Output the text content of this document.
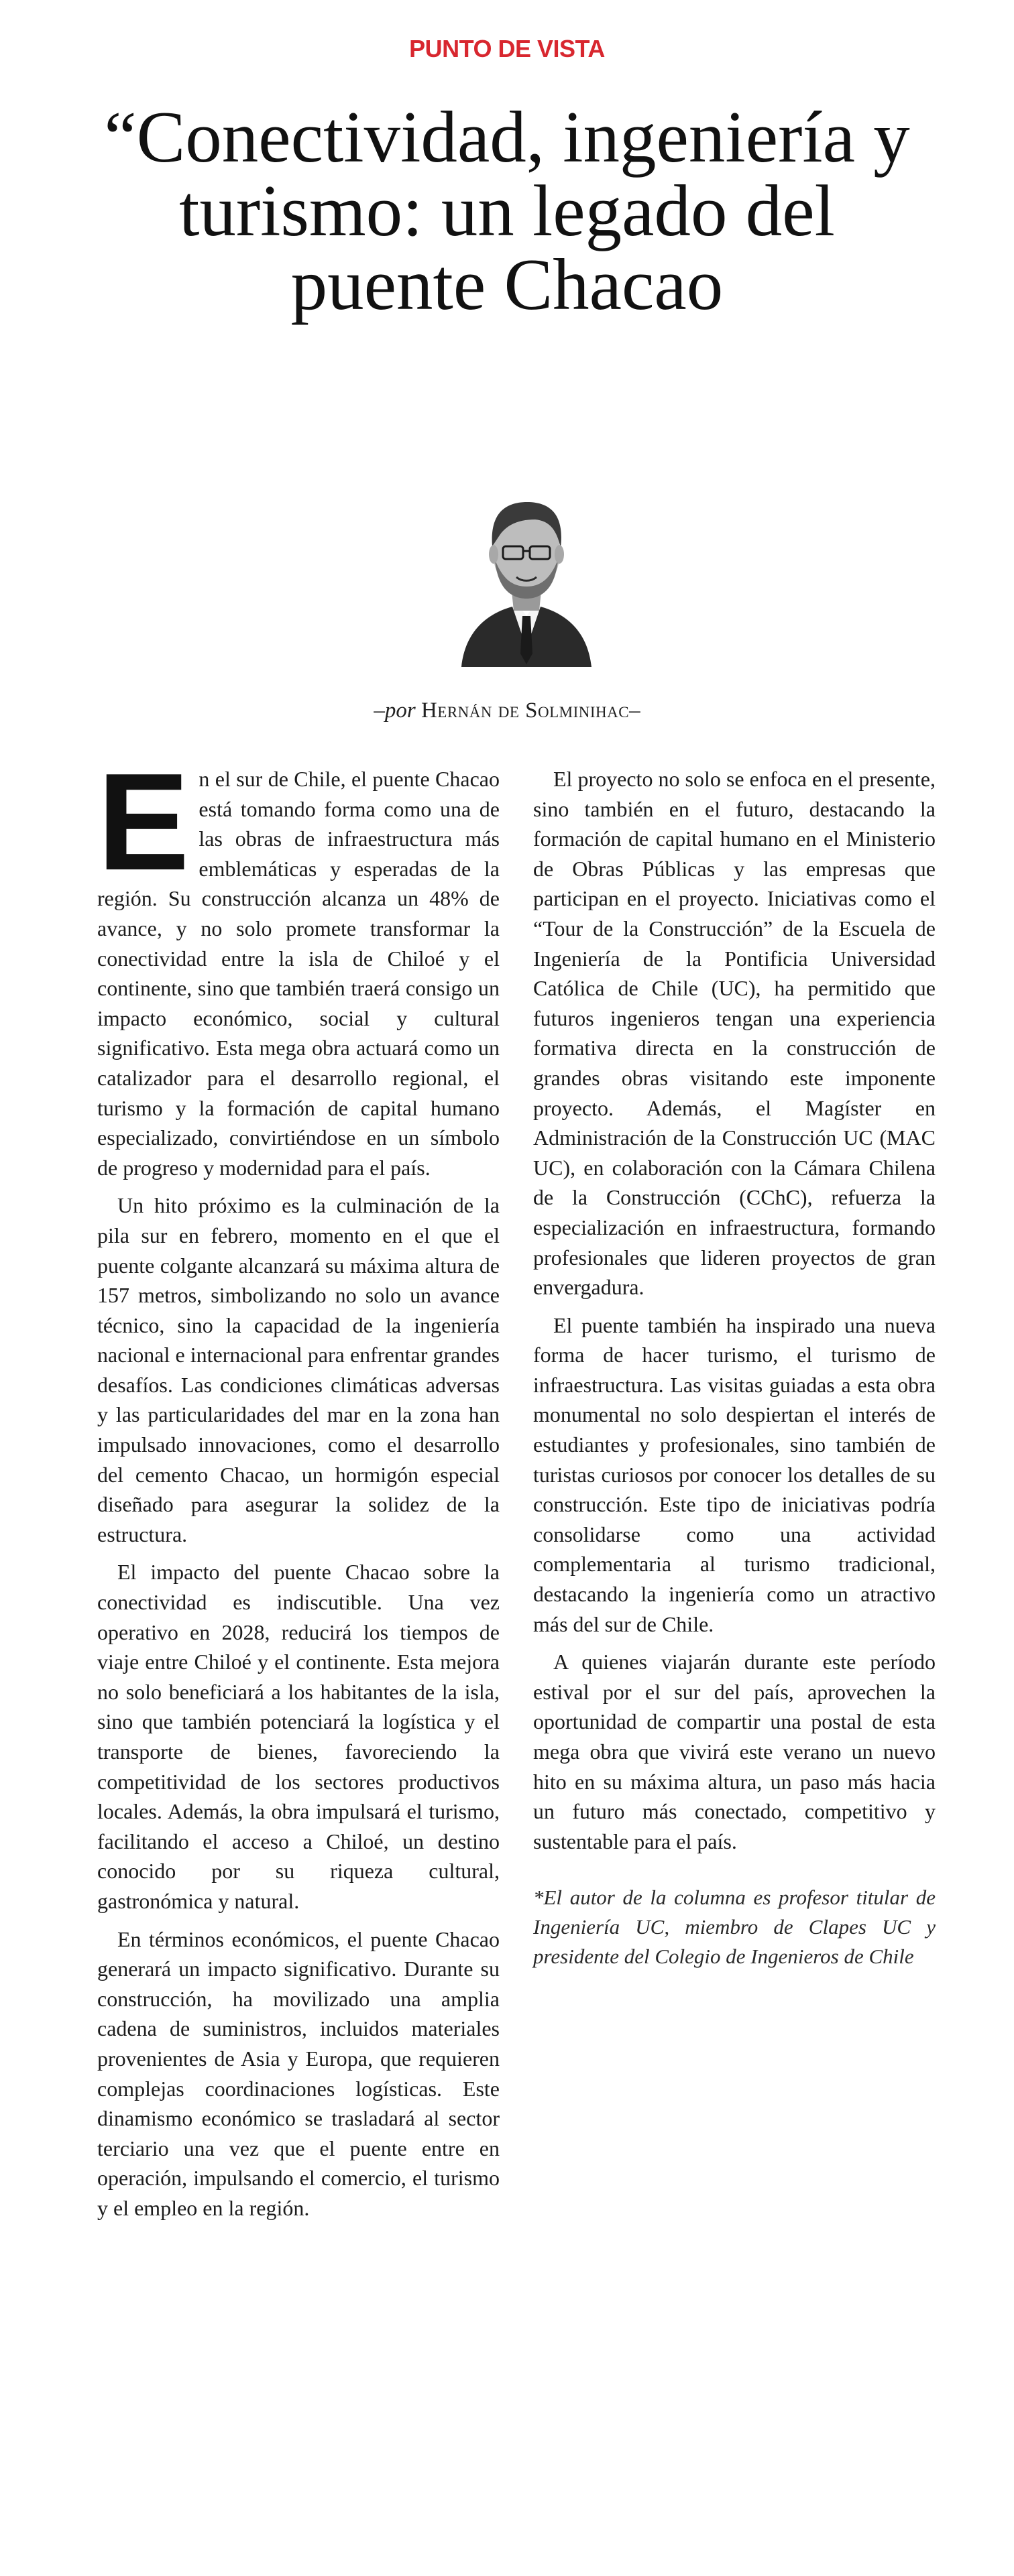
PUNTO DE VISTA
“Conectividad, ingeniería y turismo: un legado del puente Chacao
–por Hernán de Solminihac–

En el sur de Chile, el puente Chacao está tomando forma como una de las obras de infraestructura más emblemáticas y esperadas de la región. Su construcción alcanza un 48% de avance, y no solo promete transformar la conectividad entre la isla de Chiloé y el continente, sino que también traerá consigo un impacto económico, social y cultural significativo. Esta mega obra actuará como un catalizador para el desarrollo regional, el turismo y la formación de capital humano especializado, convirtiéndose en un símbolo de progreso y modernidad para el país.

Un hito próximo es la culminación de la pila sur en febrero, momento en el que el puente colgante alcanzará su máxima altura de 157 metros, simbolizando no solo un avance técnico, sino la capacidad de la ingeniería nacional e internacional para enfrentar grandes desafíos. Las condiciones climáticas adversas y las particularidades del mar en la zona han impulsado innovaciones, como el desarrollo del cemento Chacao, un hormigón especial diseñado para asegurar la solidez de la estructura.

El impacto del puente Chacao sobre la conectividad es indiscutible. Una vez operativo en 2028, reducirá los tiempos de viaje entre Chiloé y el continente. Esta mejora no solo beneficiará a los habitantes de la isla, sino que también potenciará la logística y el transporte de bienes, favoreciendo la competitividad de los sectores productivos locales. Además, la obra impulsará el turismo, facilitando el acceso a Chiloé, un destino conocido por su riqueza cultural, gastronómica y natural.

En términos económicos, el puente Chacao generará un impacto significativo. Durante su construcción, ha movilizado una amplia cadena de suministros, incluidos materiales provenientes de Asia y Europa, que requieren complejas coordinaciones logísticas. Este dinamismo económico se trasladará al sector terciario una vez que el puente entre en operación, impulsando el comercio, el turismo y el empleo en la región.

El proyecto no solo se enfoca en el presente, sino también en el futuro, destacando la formación de capital humano en el Ministerio de Obras Públicas y las empresas que participan en el proyecto. Iniciativas como el “Tour de la Construcción” de la Escuela de Ingeniería de la Pontificia Universidad Católica de Chile (UC), ha permitido que futuros ingenieros tengan una experiencia formativa directa en la construcción de grandes obras visitando este imponente proyecto. Además, el Magíster en Administración de la Construcción UC (MAC UC), en colaboración con la Cámara Chilena de la Construcción (CChC), refuerza la especialización en infraestructura, formando profesionales que lideren proyectos de gran envergadura.

El puente también ha inspirado una nueva forma de hacer turismo, el turismo de infraestructura. Las visitas guiadas a esta obra monumental no solo despiertan el interés de estudiantes y profesionales, sino también de turistas curiosos por conocer los detalles de su construcción. Este tipo de iniciativas podría consolidarse como una actividad complementaria al turismo tradicional, destacando la ingeniería como un atractivo más del sur de Chile.

A quienes viajarán durante este período estival por el sur del país, aprovechen la oportunidad de compartir una postal de esta mega obra que vivirá este verano un nuevo hito en su máxima altura, un paso más hacia un futuro más conectado, competitivo y sustentable para el país.

*El autor de la columna es profesor titular de Ingeniería UC, miembro de Clapes UC y presidente del Colegio de Ingenieros de Chile
